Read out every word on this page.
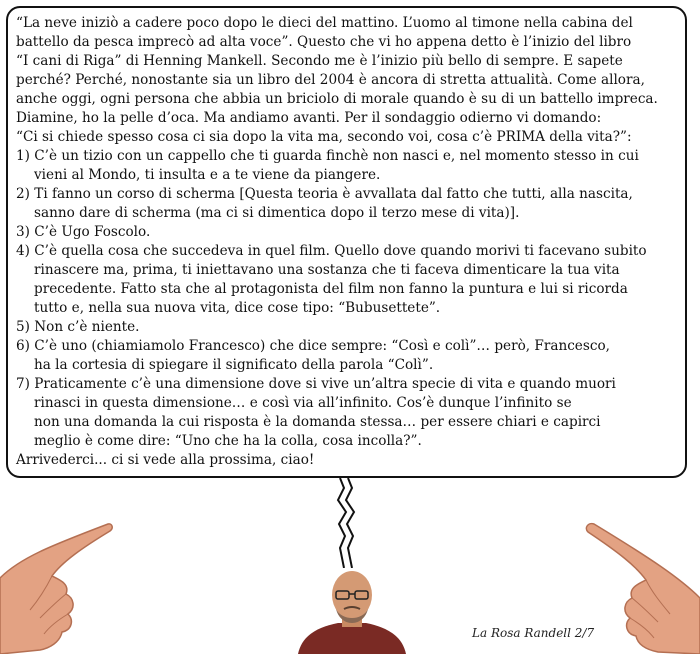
“La neve iniziò a cadere poco dopo le dieci del mattino. L’uomo al timone nella cabina del

battello da pesca imprecò ad alta voce”. Questo che vi ho appena detto è l’inizio del libro

“I cani di Riga” di Henning Mankell. Secondo me è l’inizio più bello di sempre. E sapete

perché? Perché, nonostante sia un libro del 2004 è ancora di stretta attualità. Come allora,

anche oggi, ogni persona che abbia un briciolo di morale quando è su di un battello impreca.

Diamine, ho la pelle d’oca. Ma andiamo avanti. Per il sondaggio odierno vi domando:

“Ci si chiede spesso cosa ci sia dopo la vita ma, secondo voi, cosa c’è PRIMA della vita?”:

1) C’è un tizio con un cappello che ti guarda finchè non nasci e, nel momento stesso in cui

vieni al Mondo, ti insulta e a te viene da piangere.

2) Ti fanno un corso di scherma [Questa teoria è avvallata dal fatto che tutti, alla nascita,

sanno dare di scherma (ma ci si dimentica dopo il terzo mese di vita)].

3) C’è Ugo Foscolo.

4) C’è quella cosa che succedeva in quel film. Quello dove quando morivi ti facevano subito

rinascere ma, prima, ti iniettavano una sostanza che ti faceva dimenticare la tua vita

precedente. Fatto sta che al protagonista del film non fanno la puntura e lui si ricorda

tutto e, nella sua nuova vita, dice cose tipo: “Bubusettete”.

5) Non c’è niente.

6) C’è uno (chiamiamolo Francesco) che dice sempre: “Così e colì”… però, Francesco,

ha la cortesia di spiegare il significato della parola “Colì”.

7) Praticamente c’è una dimensione dove si vive un’altra specie di vita e quando muori

rinasci in questa dimensione… e così via all’infinito. Cos’è dunque l’infinito se

non una domanda la cui risposta è la domanda stessa… per essere chiari e capirci

meglio è come dire: “Uno che ha la colla, cosa incolla?”.

Arrivederci... ci si vede alla prossima, ciao!

La Rosa Randell 2/7
